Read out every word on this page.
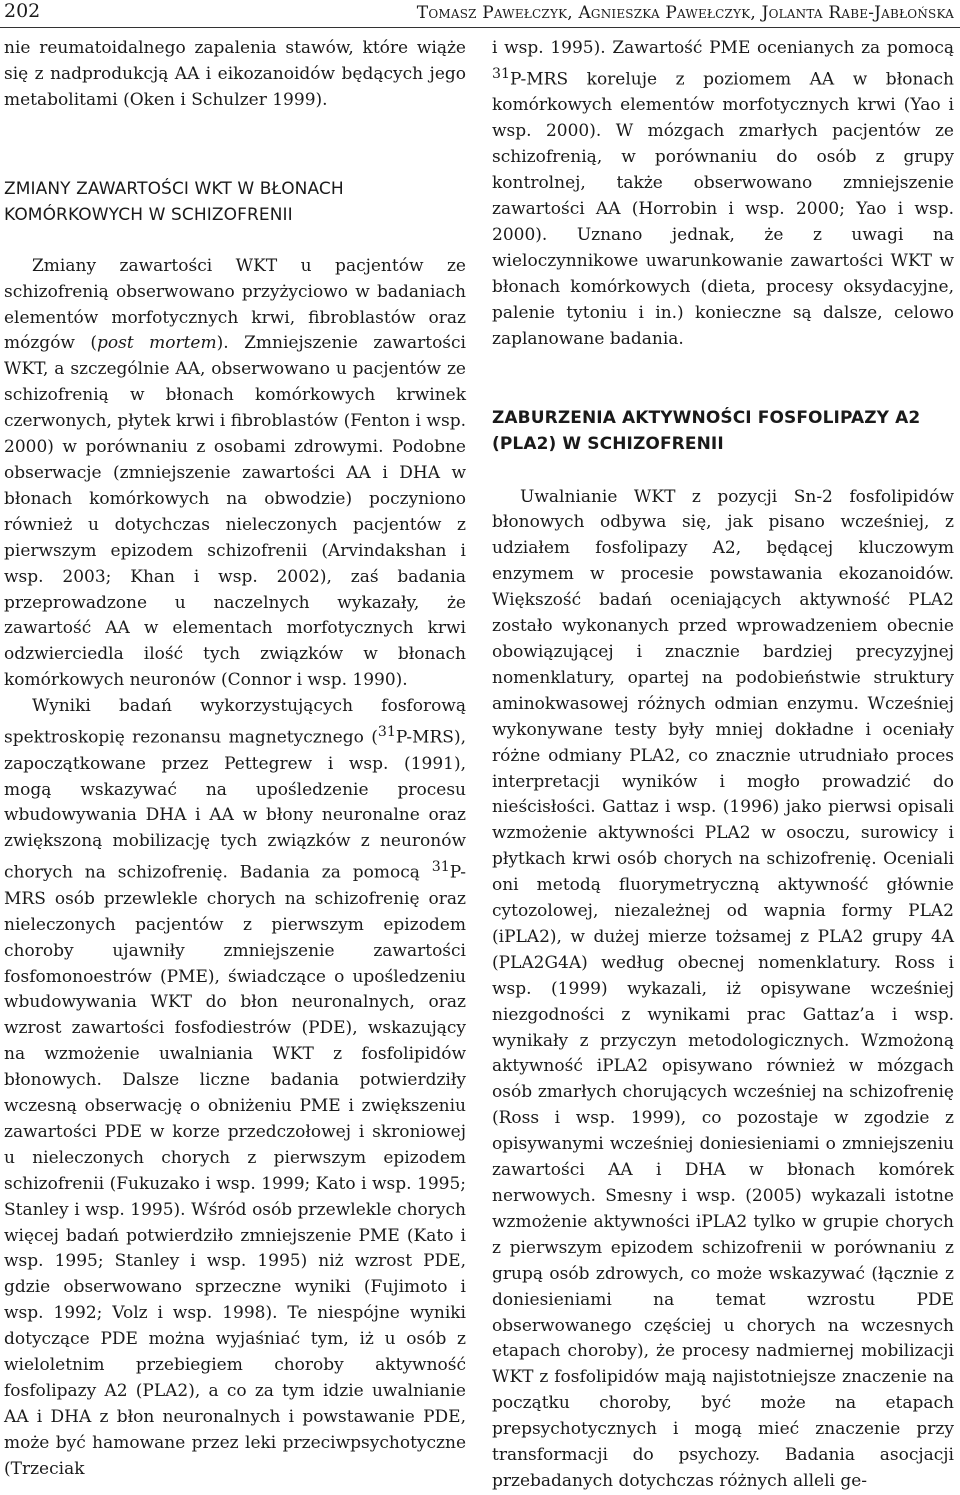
202	Tomasz Pawełczyk, Agnieszka Pawełczyk, Jolanta Rabe-Jabłońska

nie reumatoidalnego zapalenia stawów, które wiąże się z nadprodukcją AA i eikozanoidów będących jego metabolitami (Oken i Schulzer 1999).

ZMIANY ZAWARTOŚCI WKT W BŁONACH KOMÓRKOWYCH W SCHIZOFRENII

Zmiany zawartości WKT u pacjentów ze schizofrenią obserwowano przyżyciowo w badaniach elementów morfotycznych krwi, fibroblastów oraz mózgów (post mortem). Zmniejszenie zawartości WKT, a szczególnie AA, obserwowano u pacjentów ze schizofrenią w błonach komórkowych krwinek czerwonych, płytek krwi i fibroblastów (Fenton i wsp. 2000) w porównaniu z osobami zdrowymi. Podobne obserwacje (zmniejszenie zawartości AA i DHA w błonach komórkowych na obwodzie) poczyniono również u dotychczas nieleczonych pacjentów z pierwszym epizodem schizofrenii (Arvindakshan i wsp. 2003; Khan i wsp. 2002), zaś badania przeprowadzone u naczelnych wykazały, że zawartość AA w elementach morfotycznych krwi odzwierciedla ilość tych związków w błonach komórkowych neuronów (Connor i wsp. 1990).

Wyniki badań wykorzystujących fosforową spektroskopię rezonansu magnetycznego ($^{31}$P-MRS), zapoczątkowane przez Pettegrew i wsp. (1991), mogą wskazywać na upośledzenie procesu wbudowywania DHA i AA w błony neuronalne oraz zwiększoną mobilizację tych związków z neuronów chorych na schizofrenię. Badania za pomocą $^{31}$P-MRS osób przewlekle chorych na schizofrenię oraz nieleczonych pacjentów z pierwszym epizodem choroby ujawniły zmniejszenie zawartości fosfomonoestrów (PME), świadczące o upośledzeniu wbudowywania WKT do błon neuronalnych, oraz wzrost zawartości fosfodiestrów (PDE), wskazujący na wzmożenie uwalniania WKT z fosfolipidów błonowych. Dalsze liczne badania potwierdziły wczesną obserwację o obniżeniu PME i zwiększeniu zawartości PDE w korze przedczołowej i skroniowej u nieleczonych chorych z pierwszym epizodem schizofrenii (Fukuzako i wsp. 1999; Kato i wsp. 1995; Stanley i wsp. 1995). Wśród osób przewlekle chorych więcej badań potwierdziło zmniejszenie PME (Kato i wsp. 1995; Stanley i wsp. 1995) niż wzrost PDE, gdzie obserwowano sprzeczne wyniki (Fujimoto i wsp. 1992; Volz i wsp. 1998). Te niespójne wyniki dotyczące PDE można wyjaśniać tym, iż u osób z wieloletnim przebiegiem choroby aktywność fosfolipazy A2 (PLA2), a co za tym idzie uwalnianie AA i DHA z błon neuronalnych i powstawanie PDE, może być hamowane przez leki przeciwpsychotyczne (Trzeciak

i wsp. 1995). Zawartość PME ocenianych za pomocą $^{31}$P-MRS koreluje z poziomem AA w błonach komórkowych elementów morfotycznych krwi (Yao i wsp. 2000). W mózgach zmarłych pacjentów ze schizofrenią, w porównaniu do osób z grupy kontrolnej, także obserwowano zmniejszenie zawartości AA (Horrobin i wsp. 2000; Yao i wsp. 2000). Uznano jednak, że z uwagi na wieloczynnikowe uwarunkowanie zawartości WKT w błonach komórkowych (dieta, procesy oksydacyjne, palenie tytoniu i in.) konieczne są dalsze, celowo zaplanowane badania.

ZABURZENIA AKTYWNOŚCI FOSFOLIPAZY A2 (PLA2) W SCHIZOFRENII

Uwalnianie WKT z pozycji Sn-2 fosfolipidów błonowych odbywa się, jak pisano wcześniej, z udziałem fosfolipazy A2, będącej kluczowym enzymem w procesie powstawania ekozanoidów. Większość badań oceniających aktywność PLA2 zostało wykonanych przed wprowadzeniem obecnie obowiązującej i znacznie bardziej precyzyjnej nomenklatury, opartej na podobieństwie struktury aminokwasowej różnych odmian enzymu. Wcześniej wykonywane testy były mniej dokładne i oceniały różne odmiany PLA2, co znacznie utrudniało proces interpretacji wyników i mogło prowadzić do nieścisłości. Gattaz i wsp. (1996) jako pierwsi opisali wzmożenie aktywności PLA2 w osoczu, surowicy i płytkach krwi osób chorych na schizofrenię. Oceniali oni metodą fluorymetryczną aktywność głównie cytozolowej, niezależnej od wapnia formy PLA2 (iPLA2), w dużej mierze tożsamej z PLA2 grupy 4A (PLA2G4A) według obecnej nomenklatury. Ross i wsp. (1999) wykazali, iż opisywane wcześniej niezgodności z wynikami prac Gattaz’a i wsp. wynikały z przyczyn metodologicznych. Wzmożoną aktywność iPLA2 opisywano również w mózgach osób zmarłych chorujących wcześniej na schizofrenię (Ross i wsp. 1999), co pozostaje w zgodzie z opisywanymi wcześniej doniesieniami o zmniejszeniu zawartości AA i DHA w błonach komórek nerwowych. Smesny i wsp. (2005) wykazali istotne wzmożenie aktywności iPLA2 tylko w grupie chorych z pierwszym epizodem schizofrenii w porównaniu z grupą osób zdrowych, co może wskazywać (łącznie z doniesieniami na temat wzrostu PDE obserwowanego częściej u chorych na wczesnych etapach choroby), że procesy nadmiernej mobilizacji WKT z fosfolipidów mają najistotniejsze znaczenie na początku choroby, być może na etapach prepsychotycznych i mogą mieć znaczenie przy transformacji do psychozy. Badania asocjacji przebadanych dotychczas różnych alleli ge-
